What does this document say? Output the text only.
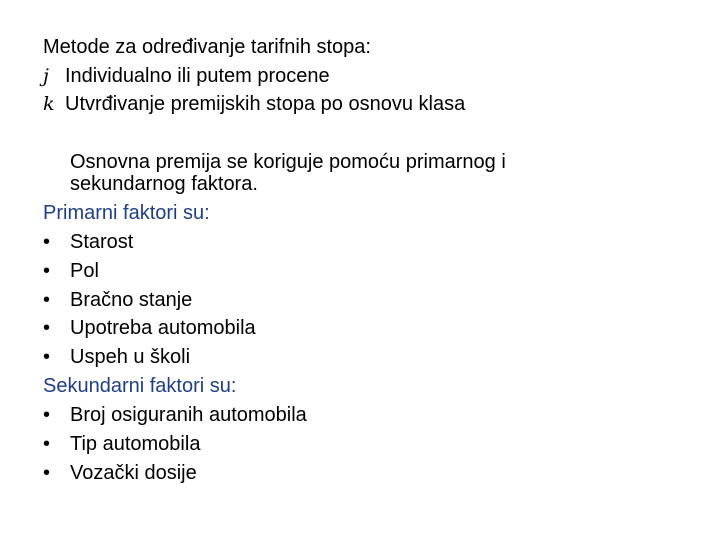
Metode za određivanje tarifnih stopa:
j Individualno ili putem procene
k Utvrđivanje premijskih stopa po osnovu klasa
Osnovna premija se koriguje pomoću primarnog i
sekundarnog faktora.
Primarni faktori su:
• Starost
• Pol
• Bračno stanje
• Upotreba automobila
• Uspeh u školi
Sekundarni faktori su:
• Broj osiguranih automobila
• Tip automobila
• Vozački dosije
